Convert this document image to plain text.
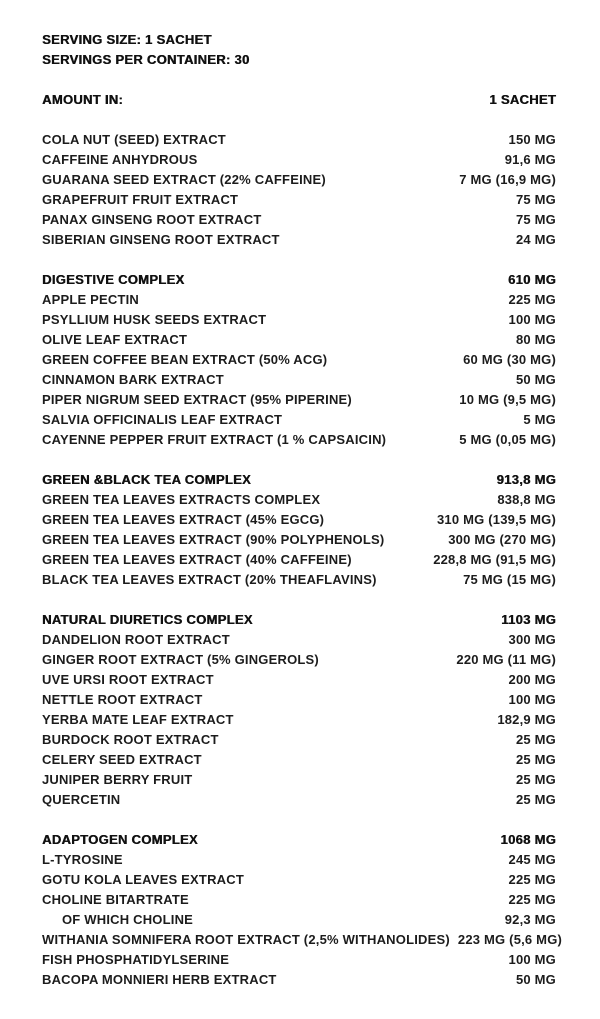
SERVING SIZE: 1 SACHET
SERVINGS PER CONTAINER: 30
AMOUNT IN:	1 SACHET
COLA NUT (SEED) EXTRACT	150 MG
CAFFEINE ANHYDROUS	91,6 MG
GUARANA SEED EXTRACT (22% CAFFEINE)	7 MG (16,9 MG)
GRAPEFRUIT FRUIT EXTRACT	75 MG
PANAX GINSENG ROOT EXTRACT	75 MG
SIBERIAN GINSENG ROOT EXTRACT	24 MG
DIGESTIVE COMPLEX	610 MG
APPLE PECTIN	225 MG
PSYLLIUM HUSK SEEDS EXTRACT	100 MG
OLIVE LEAF EXTRACT	80 MG
GREEN COFFEE BEAN EXTRACT (50% ACG)	60 MG (30 MG)
CINNAMON BARK EXTRACT	50 MG
PIPER NIGRUM SEED EXTRACT (95% PIPERINE)	10 MG (9,5 MG)
SALVIA OFFICINALIS LEAF EXTRACT	5 MG
CAYENNE PEPPER FRUIT EXTRACT (1 % CAPSAICIN)	5 MG (0,05 MG)
GREEN &BLACK TEA COMPLEX	913,8 MG
GREEN TEA LEAVES EXTRACTS COMPLEX	838,8 MG
GREEN TEA LEAVES EXTRACT (45% EGCG)	310 MG (139,5 MG)
GREEN TEA LEAVES EXTRACT (90% POLYPHENOLS)	300 MG (270 MG)
GREEN TEA LEAVES EXTRACT (40% CAFFEINE)	228,8 MG (91,5 MG)
BLACK TEA LEAVES EXTRACT (20% THEAFLAVINS)	75 MG (15 MG)
NATURAL DIURETICS COMPLEX	1103 MG
DANDELION ROOT EXTRACT	300 MG
GINGER ROOT EXTRACT (5% GINGEROLS)	220 MG (11 MG)
UVE URSI ROOT EXTRACT	200 MG
NETTLE ROOT EXTRACT	100 MG
YERBA MATE LEAF EXTRACT	182,9 MG
BURDOCK ROOT EXTRACT	25 MG
CELERY SEED EXTRACT	25 MG
JUNIPER BERRY FRUIT	25 MG
QUERCETIN	25 MG
ADAPTOGEN COMPLEX	1068 MG
L-TYROSINE	245 MG
GOTU KOLA LEAVES EXTRACT	225 MG
CHOLINE BITARTRATE	225 MG
OF WHICH CHOLINE	92,3 MG
WITHANIA SOMNIFERA ROOT EXTRACT (2,5% WITHANOLIDES) 223 MG (5,6 MG)
FISH PHOSPHATIDYLSERINE	100 MG
BACOPA MONNIERI HERB EXTRACT	50 MG
